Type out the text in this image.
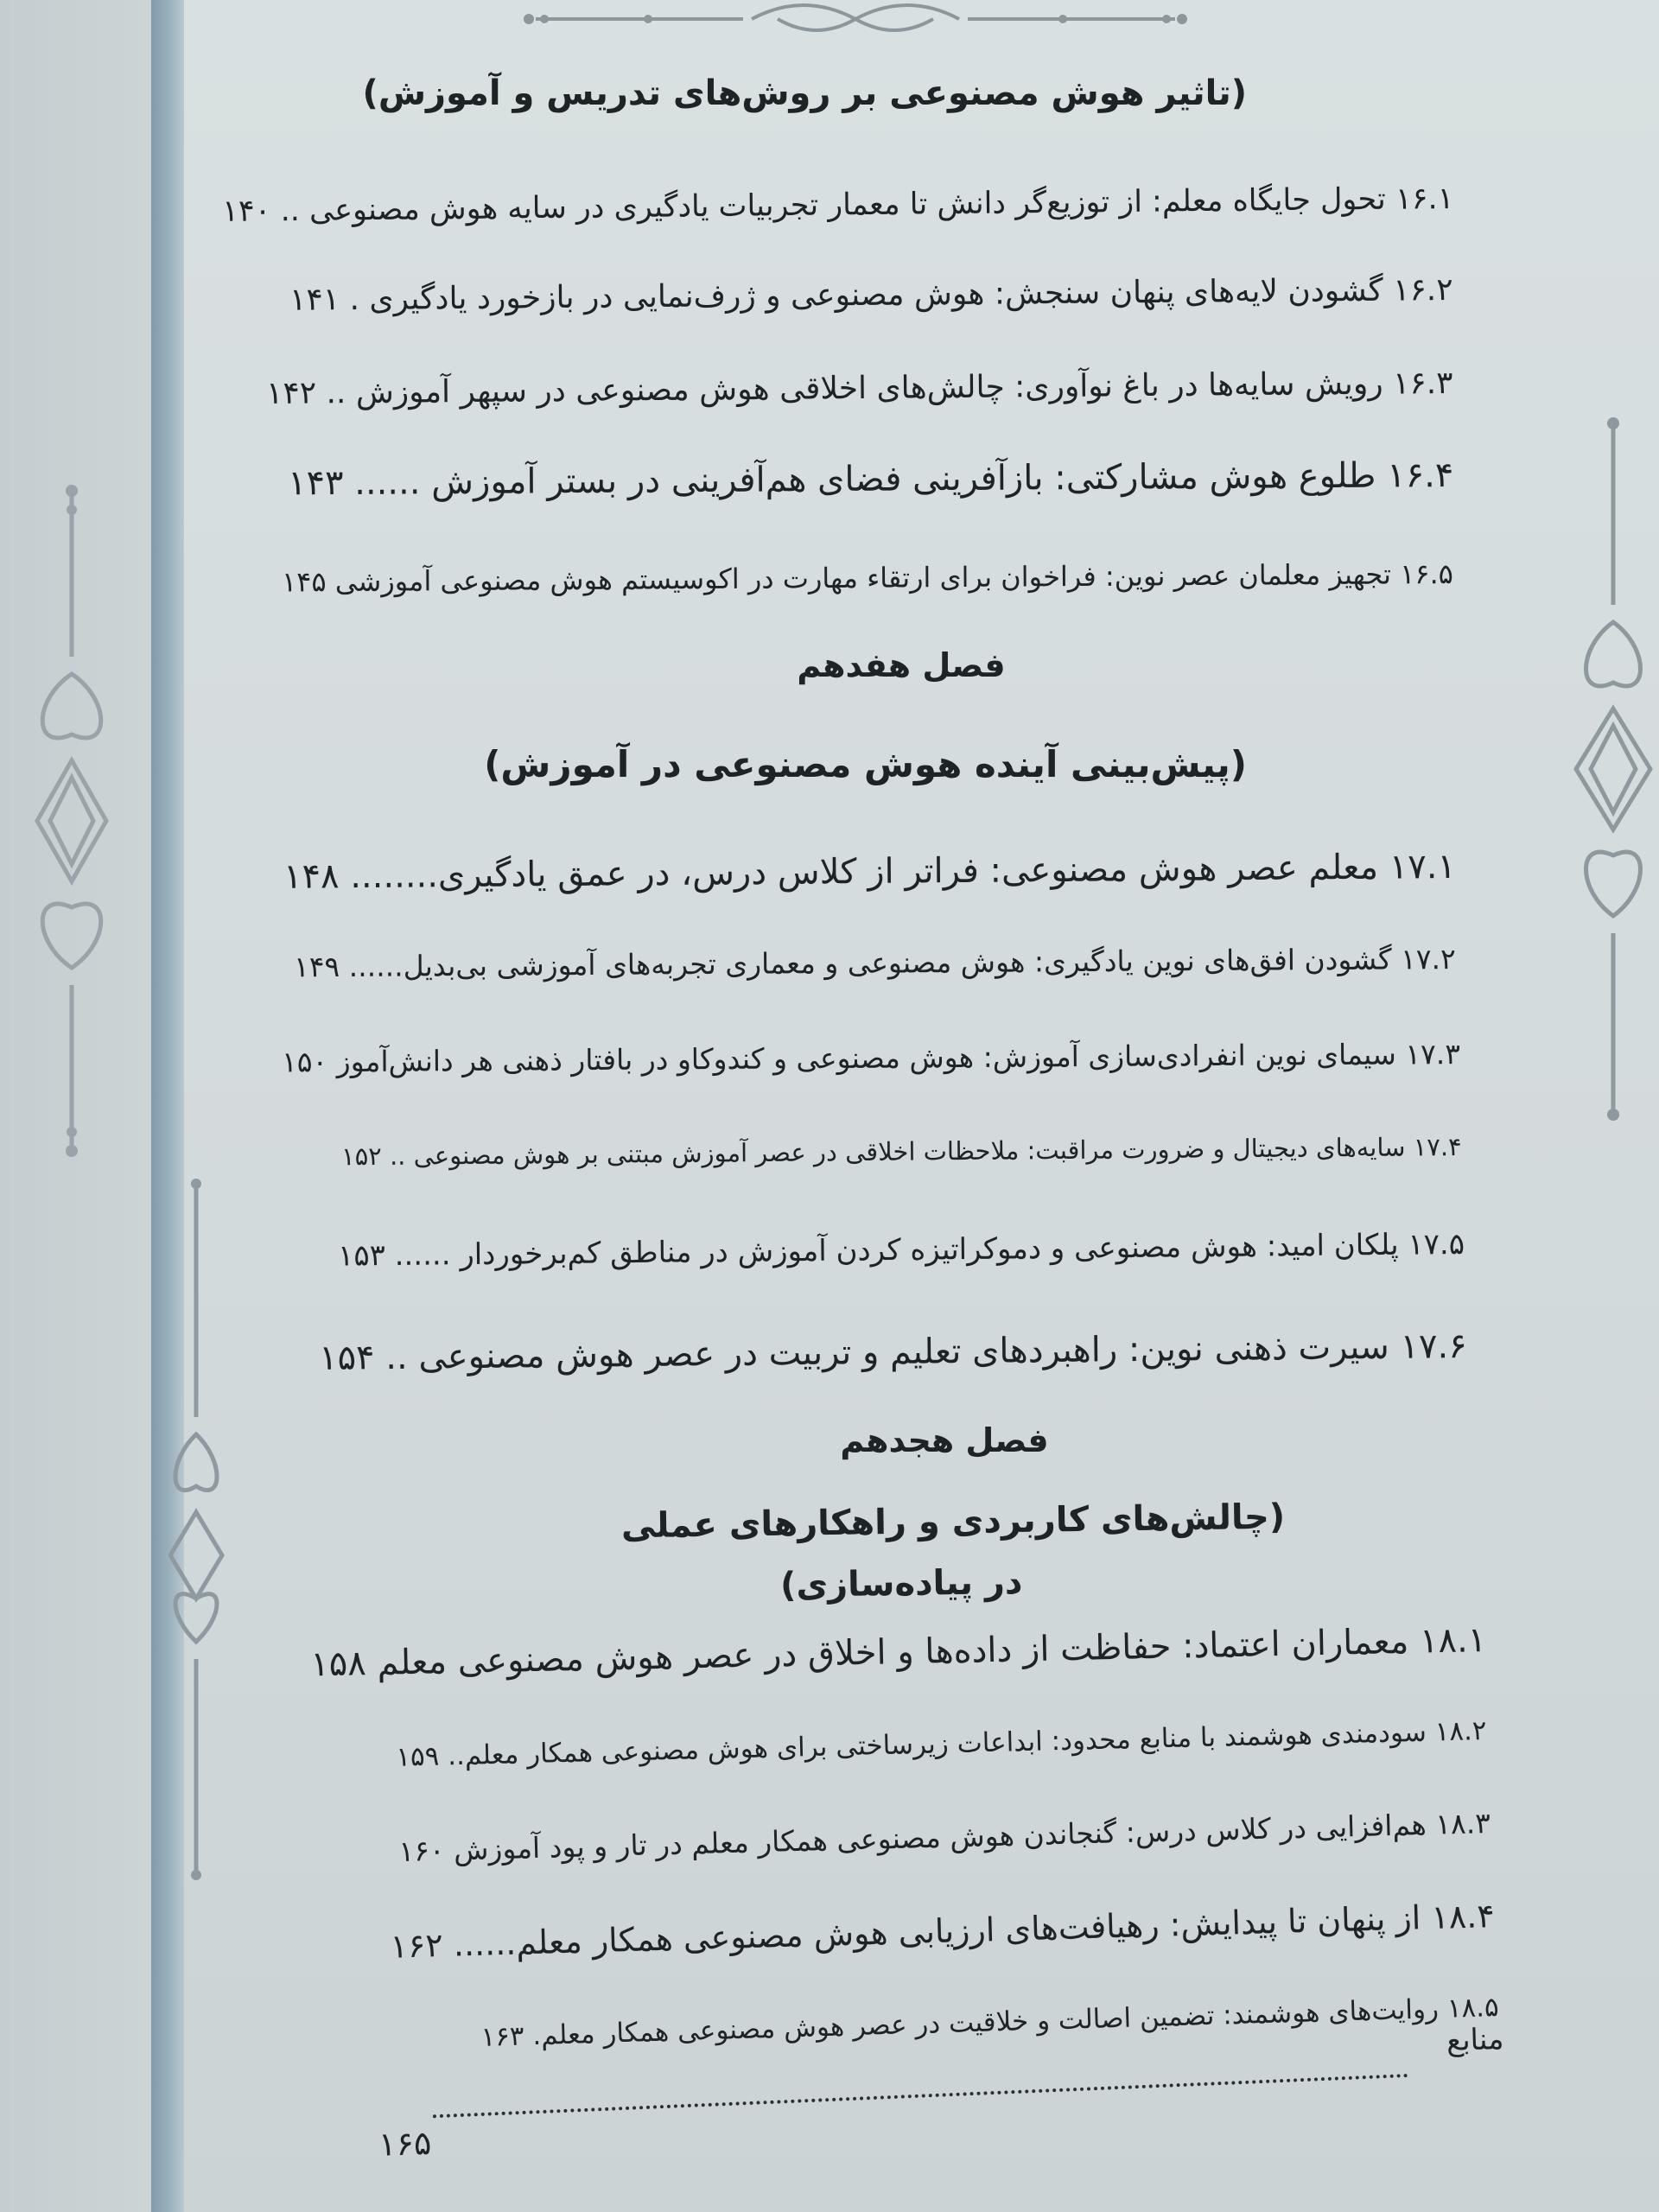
(تاثیر هوش مصنوعی بر روش‌های تدریس و آموزش)
۱۶.۱ تحول جایگاه معلم: از توزیع‌گر دانش تا معمار تجربیات یادگیری در سایه هوش مصنوعی .. ۱۴۰
۱۶.۲ گشودن لایه‌های پنهان سنجش: هوش مصنوعی و ژرف‌نمایی در بازخورد یادگیری . ۱۴۱
۱۶.۳ رویش سایه‌ها در باغ نوآوری: چالش‌های اخلاقی هوش مصنوعی در سپهر آموزش .. ۱۴۲
۱۶.۴ طلوع هوش مشارکتی: بازآفرینی فضای هم‌آفرینی در بستر آموزش ...... ۱۴۳
۱۶.۵ تجهیز معلمان عصر نوین: فراخوان برای ارتقاء مهارت در اکوسیستم هوش مصنوعی آموزشی ۱۴۵
فصل هفدهم
(پیش‌بینی آینده هوش مصنوعی در آموزش)
۱۷.۱ معلم عصر هوش مصنوعی: فراتر از کلاس درس، در عمق یادگیری........ ۱۴۸
۱۷.۲ گشودن افق‌های نوین یادگیری: هوش مصنوعی و معماری تجربه‌های آموزشی بی‌بدیل...... ۱۴۹
۱۷.۳ سیمای نوین انفرادی‌سازی آموزش: هوش مصنوعی و کندوکاو در بافتار ذهنی هر دانش‌آموز ۱۵۰
۱۷.۴ سایه‌های دیجیتال و ضرورت مراقبت: ملاحظات اخلاقی در عصر آموزش مبتنی بر هوش مصنوعی .. ۱۵۲
۱۷.۵ پلکان امید: هوش مصنوعی و دموکراتیزه کردن آموزش در مناطق کم‌برخوردار ...... ۱۵۳
۱۷.۶ سیرت ذهنی نوین: راهبردهای تعلیم و تربیت در عصر هوش مصنوعی .. ۱۵۴
فصل هجدهم
(چالش‌های کاربردی و راهکارهای عملی
در پیاده‌سازی)
۱۸.۱ معماران اعتماد: حفاظت از داده‌ها و اخلاق در عصر هوش مصنوعی معلم ۱۵۸
۱۸.۲ سودمندی هوشمند با منابع محدود: ابداعات زیرساختی برای هوش مصنوعی همکار معلم.. ۱۵۹
۱۸.۳ هم‌افزایی در کلاس درس: گنجاندن هوش مصنوعی همکار معلم در تار و پود آموزش ۱۶۰
۱۸.۴ از پنهان تا پیدایش: رهیافت‌های ارزیابی هوش مصنوعی همکار معلم...... ۱۶۲
۱۸.۵ روایت‌های هوشمند: تضمین اصالت و خلاقیت در عصر هوش مصنوعی همکار معلم. ۱۶۳	منابع
۱۶۵
